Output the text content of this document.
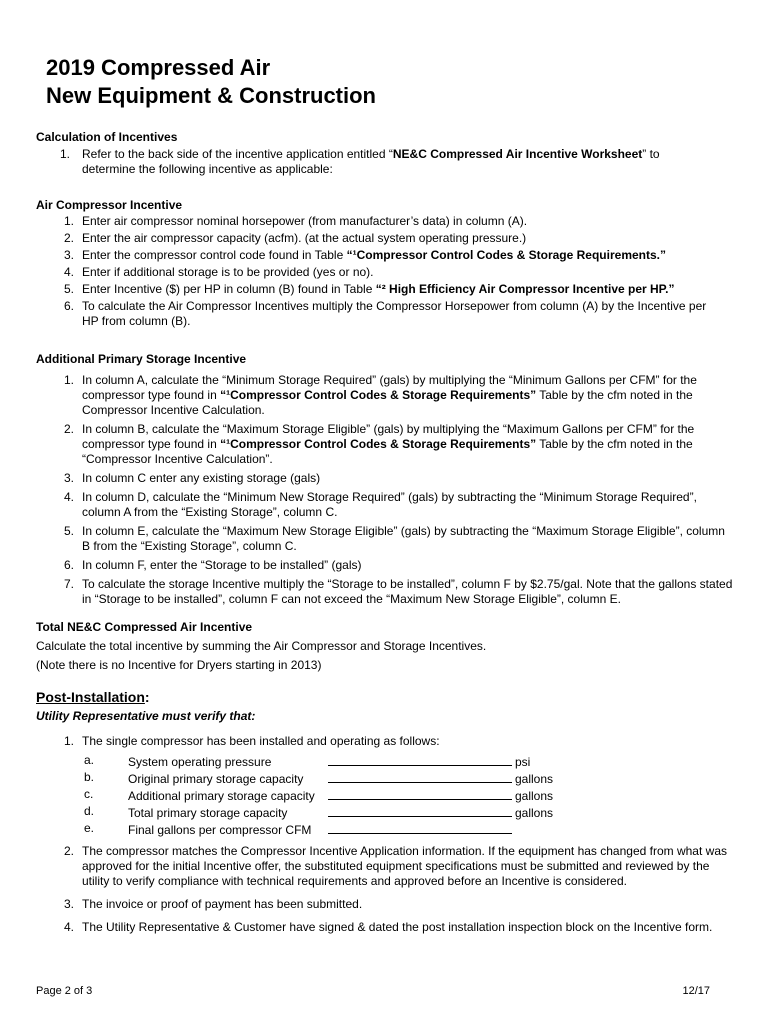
2019 Compressed Air
New Equipment & Construction
Calculation of Incentives
1. Refer to the back side of the incentive application entitled “NE&C Compressed Air Incentive Worksheet” to
determine the following incentive as applicable:
Air Compressor Incentive
1. Enter air compressor nominal horsepower (from manufacturer’s data) in column (A).
2. Enter the air compressor capacity (acfm). (at the actual system operating pressure.)
3. Enter the compressor control code found in Table “¹Compressor Control Codes & Storage Requirements.”
4. Enter if additional storage is to be provided (yes or no).
5. Enter Incentive ($) per HP in column (B) found in Table “² High Efficiency Air Compressor Incentive per HP.”
6. To calculate the Air Compressor Incentives multiply the Compressor Horsepower from column (A) by the Incentive per HP from column (B).
Additional Primary Storage Incentive
1. In column A, calculate the “Minimum Storage Required” (gals) by multiplying the “Minimum Gallons per CFM” for the compressor type found in “¹Compressor Control Codes & Storage Requirements” Table by the cfm noted in the Compressor Incentive Calculation.
2. In column B, calculate the “Maximum Storage Eligible” (gals) by multiplying the “Maximum Gallons per CFM” for the compressor type found in “¹Compressor Control Codes & Storage Requirements” Table by the cfm noted in the “Compressor Incentive Calculation”.
3. In column C enter any existing storage (gals)
4. In column D, calculate the “Minimum New Storage Required” (gals) by subtracting the “Minimum Storage Required”, column A from the “Existing Storage”, column C.
5. In column E, calculate the “Maximum New Storage Eligible” (gals) by subtracting the “Maximum Storage Eligible”, column B from the “Existing Storage”, column C.
6. In column F, enter the “Storage to be installed” (gals)
7. To calculate the storage Incentive multiply the “Storage to be installed”, column F by $2.75/gal. Note that the gallons stated in “Storage to be installed”, column F can not exceed the “Maximum New Storage Eligible”, column E.
Total NE&C Compressed Air Incentive
Calculate the total incentive by summing the Air Compressor and Storage Incentives.
(Note there is no Incentive for Dryers starting in 2013)
Post-Installation:
Utility Representative must verify that:
1. The single compressor has been installed and operating as follows:
a.	System operating pressure	psi
b.	Original primary storage capacity	gallons
c.	Additional primary storage capacity	gallons
d.	Total primary storage capacity	gallons
e.	Final gallons per compressor CFM
2. The compressor matches the Compressor Incentive Application information. If the equipment has changed from what was approved for the initial Incentive offer, the substituted equipment specifications must be submitted and reviewed by the utility to verify compliance with technical requirements and approved before an Incentive is considered.
3. The invoice or proof of payment has been submitted.
4. The Utility Representative & Customer have signed & dated the post installation inspection block on the Incentive form.
Page 2 of 3	12/17
